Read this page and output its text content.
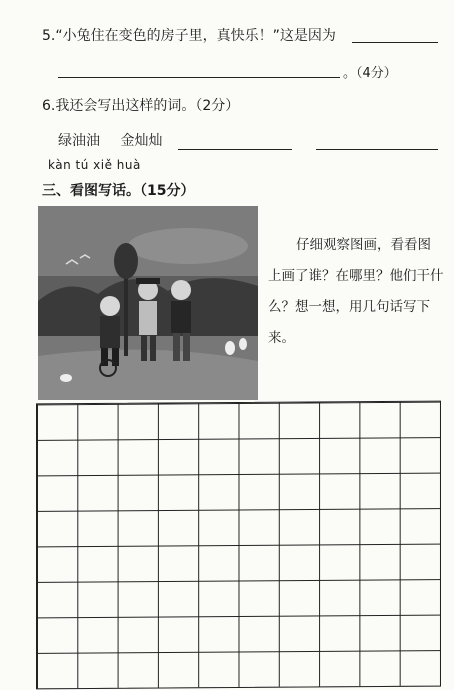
5.“小兔住在变色的房子里，真快乐！”这是因为
。（4分）
6.我还会写出这样的词。（2分）
绿油油 金灿灿
kàn tú xiě huà
三、看图写话。（15分）
仔细观察图画，看看图上画了谁？在哪里？他们干什么？想一想，用几句话写下来。
